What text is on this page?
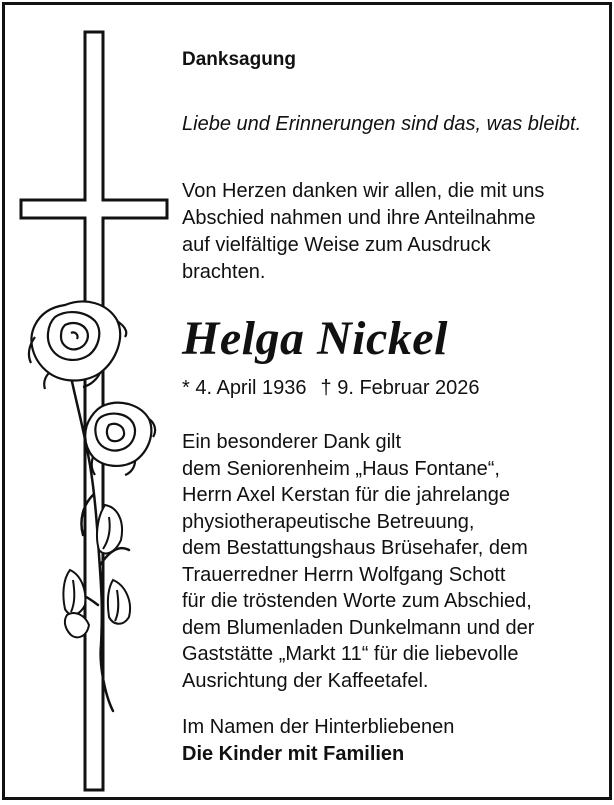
Danksagung
Liebe und Erinnerungen sind das, was bleibt.

Von Herzen danken wir allen, die mit uns
Abschied nahmen und ihre Anteilnahme
auf vielfältige Weise zum Ausdruck
brachten.

Helga Nickel
* 4. April 1936 † 9. Februar 2026

Ein besonderer Dank gilt
dem Seniorenheim „Haus Fontane“,
Herrn Axel Kerstan für die jahrelange
physiotherapeutische Betreuung,
dem Bestattungshaus Brüsehafer, dem
Trauerredner Herrn Wolfgang Schott
für die tröstenden Worte zum Abschied,
dem Blumenladen Dunkelmann und der
Gaststätte „Markt 11“ für die liebevolle
Ausrichtung der Kaffeetafel.

Im Namen der Hinterbliebenen
Die Kinder mit Familien
